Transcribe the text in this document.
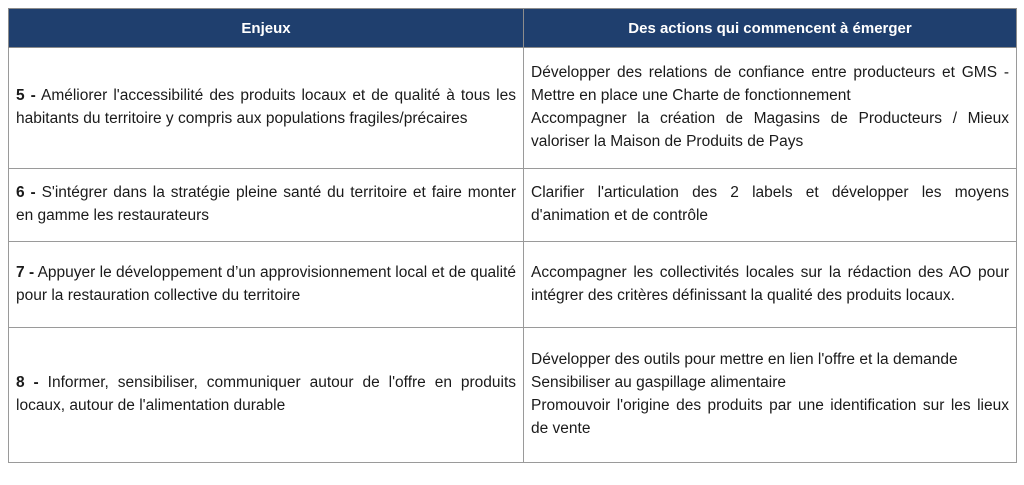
Enjeux	Des actions qui commencent à émerger
5 - Améliorer l'accessibilité des produits locaux et de qualité à tous les habitants du territoire y compris aux populations fragiles/précaires	Développer des relations de confiance entre producteurs et GMS - Mettre en place une Charte de fonctionnement
Accompagner la création de Magasins de Producteurs / Mieux valoriser la Maison de Produits de Pays

6 - S'intégrer dans la stratégie pleine santé du territoire et faire monter en gamme les restaurateurs	Clarifier l'articulation des 2 labels et développer les moyens d'animation et de contrôle

7 - Appuyer le développement d’un approvisionnement local et de qualité pour la restauration collective du territoire	Accompagner les collectivités locales sur la rédaction des AO pour intégrer des critères définissant la qualité des produits locaux.

8 - Informer, sensibiliser, communiquer autour de l'offre en produits locaux, autour de l'alimentation durable	Développer des outils pour mettre en lien l'offre et la demande
Sensibiliser au gaspillage alimentaire
Promouvoir l'origine des produits par une identification sur les lieux de vente
